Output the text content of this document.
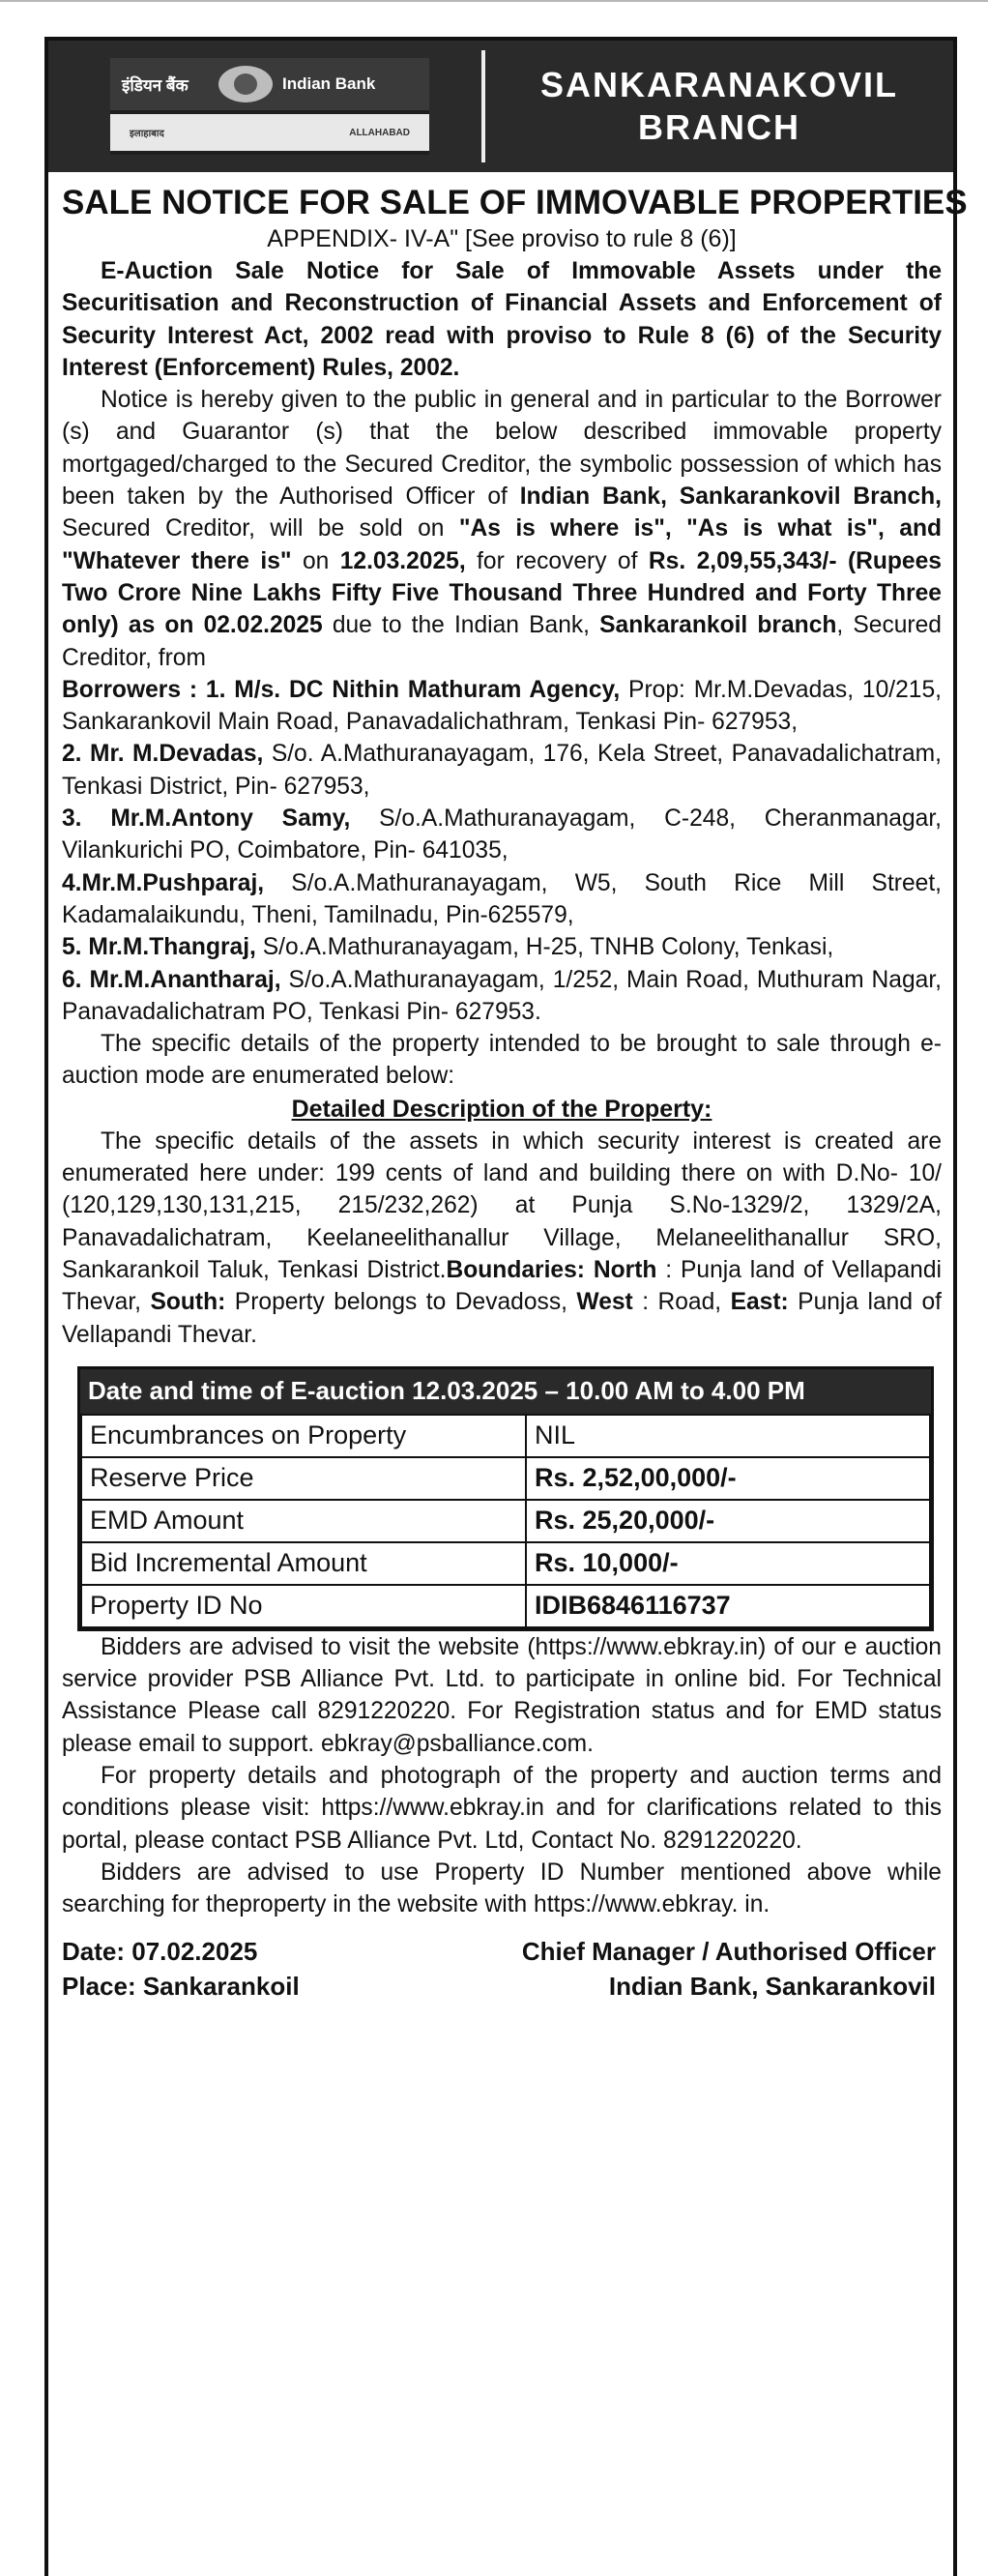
इंडियन बैंक	Indian Bank
इलाहाबाद	ALLAHABAD
SANKARANAKOVIL
BRANCH
SALE NOTICE FOR SALE OF IMMOVABLE PROPERTIES
APPENDIX- IV-A" [See proviso to rule 8 (6)]

E-Auction Sale Notice for Sale of Immovable Assets under the Securitisation and Reconstruction of Financial Assets and Enforcement of Security Interest Act, 2002 read with proviso to Rule 8 (6) of the Security Interest (Enforcement) Rules, 2002.

Notice is hereby given to the public in general and in particular to the Borrower (s) and Guarantor (s) that the below described immovable property mortgaged/charged to the Secured Creditor, the symbolic possession of which has been taken by the Authorised Officer of Indian Bank, Sankarankovil Branch, Secured Creditor, will be sold on "As is where is", "As is what is", and "Whatever there is" on 12.03.2025, for recovery of Rs. 2,09,55,343/- (Rupees Two Crore Nine Lakhs Fifty Five Thousand Three Hundred and Forty Three only) as on 02.02.2025 due to the Indian Bank, Sankarankoil branch, Secured Creditor, from

Borrowers : 1. M/s. DC Nithin Mathuram Agency, Prop: Mr.M.Devadas, 10/215, Sankarankovil Main Road, Panavadalichathram, Tenkasi Pin- 627953,

2. Mr. M.Devadas, S/o. A.Mathuranayagam, 176, Kela Street, Panavadalichatram, Tenkasi District, Pin- 627953,

3. Mr.M.Antony Samy, S/o.A.Mathuranayagam, C-248, Cheranmanagar, Vilankurichi PO, Coimbatore, Pin- 641035,

4.Mr.M.Pushparaj, S/o.A.Mathuranayagam, W5, South Rice Mill Street, Kadamalaikundu, Theni, Tamilnadu, Pin-625579,

5. Mr.M.Thangraj, S/o.A.Mathuranayagam, H-25, TNHB Colony, Tenkasi,

6. Mr.M.Anantharaj, S/o.A.Mathuranayagam, 1/252, Main Road, Muthuram Nagar, Panavadalichatram PO, Tenkasi Pin- 627953.

The specific details of the property intended to be brought to sale through e-auction mode are enumerated below:

Detailed Description of the Property:

The specific details of the assets in which security interest is created are enumerated here under: 199 cents of land and building there on with D.No- 10/ (120,129,130,131,215, 215/232,262) at Punja S.No-1329/2, 1329/2A, Panavadalichatram, Keelaneelithanallur Village, Melaneelithanallur SRO, Sankarankoil Taluk, Tenkasi District.Boundaries: North : Punja land of Vellapandi Thevar, South: Property belongs to Devadoss, West : Road, East: Punja land of Vellapandi Thevar.

Date and time of E-auction 12.03.2025 – 10.00 AM to 4.00 PM
Encumbrances on Property	NIL
Reserve Price	Rs. 2,52,00,000/-
EMD Amount	Rs. 25,20,000/-
Bid Incremental Amount	Rs. 10,000/-
Property ID No	IDIB6846116737

Bidders are advised to visit the website (https://www.ebkray.in) of our e auction service provider PSB Alliance Pvt. Ltd. to participate in online bid. For Technical Assistance Please call 8291220220. For Registration status and for EMD status please email to support. ebkray@psballiance.com.

For property details and photograph of the property and auction terms and conditions please visit: https://www.ebkray.in and for clarifications related to this portal, please contact PSB Alliance Pvt. Ltd, Contact No. 8291220220.

Bidders are advised to use Property ID Number mentioned above while searching for theproperty in the website with https://www.ebkray. in.

Date: 07.02.2025
Place: Sankarankoil
Chief Manager / Authorised Officer
Indian Bank, Sankarankovil
